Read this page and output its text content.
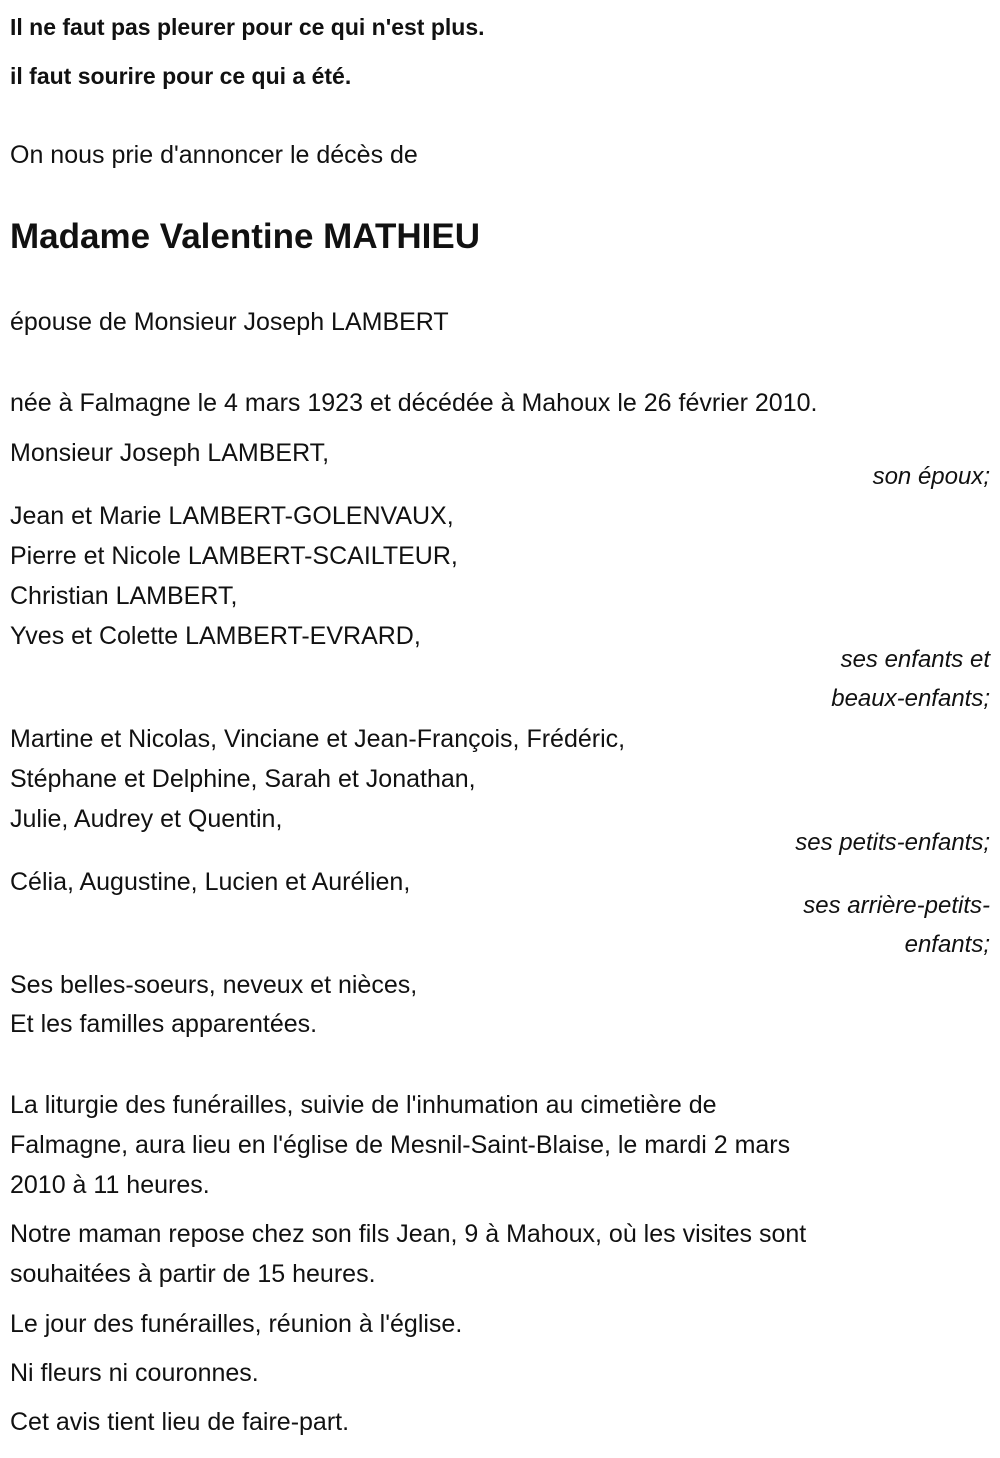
Il ne faut pas pleurer pour ce qui n'est plus.
il faut sourire pour ce qui a été.
On nous prie d'annoncer le décès de
Madame Valentine MATHIEU
épouse de Monsieur Joseph LAMBERT
née à Falmagne le 4 mars 1923 et décédée à Mahoux le 26 février 2010.
Monsieur Joseph LAMBERT,
son époux;
Jean et Marie LAMBERT-GOLENVAUX,
Pierre et Nicole LAMBERT-SCAILTEUR,
Christian LAMBERT,
Yves et Colette LAMBERT-EVRARD,
ses enfants et
beaux-enfants;
Martine et Nicolas, Vinciane et Jean-François, Frédéric,
Stéphane et Delphine, Sarah et Jonathan,
Julie, Audrey et Quentin,
ses petits-enfants;
Célia, Augustine, Lucien et Aurélien,
ses arrière-petits-
enfants;
Ses belles-soeurs, neveux et nièces,
Et les familles apparentées.
La liturgie des funérailles, suivie de l'inhumation au cimetière de
Falmagne, aura lieu en l'église de Mesnil-Saint-Blaise, le mardi 2 mars
2010 à 11 heures.
Notre maman repose chez son fils Jean, 9 à Mahoux, où les visites sont
souhaitées à partir de 15 heures.
Le jour des funérailles, réunion à l'église.
Ni fleurs ni couronnes.
Cet avis tient lieu de faire-part.
